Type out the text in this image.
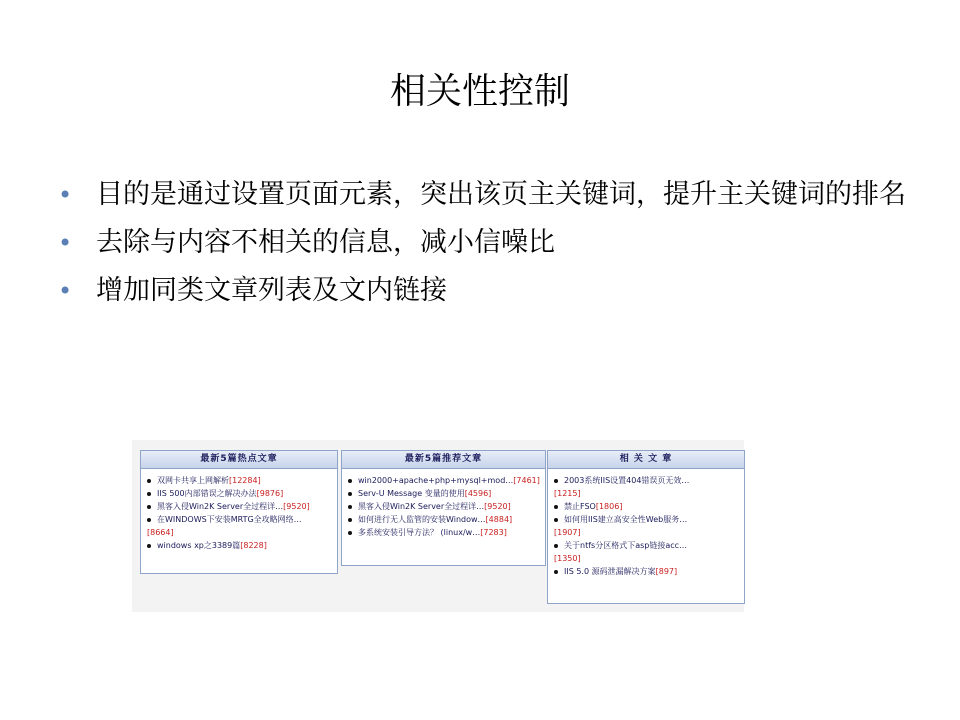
相关性控制
• 目的是通过设置页面元素，突出该页主关键词，提升主关键词的排名
• 去除与内容不相关的信息，减小信噪比
• 增加同类文章列表及文内链接
最新5篇热点文章
双网卡共享上网解析[12284]
IIS 500内部错误之解决办法[9876]
黑客入侵Win2K Server全过程详…[9520]
在WINDOWS下安装MRTG全攻略网络…
[8664]
windows xp之3389篇[8228]
最新5篇推荐文章
win2000+apache+php+mysql+mod…[7461]
Serv-U Message 变量的使用[4596]
黑客入侵Win2K Server全过程详…[9520]
如何进行无人监管的安装Window…[4884]
多系统安装引导方法？ (linux/w…[7283]
相 关 文 章
2003系统IIS设置404错误页无效…
[1215]
禁止FSO[1806]
如何用IIS建立高安全性Web服务…
[1907]
关于ntfs分区格式下asp链接acc…
[1350]
IIS 5.0 源码泄漏解决方案[897]
